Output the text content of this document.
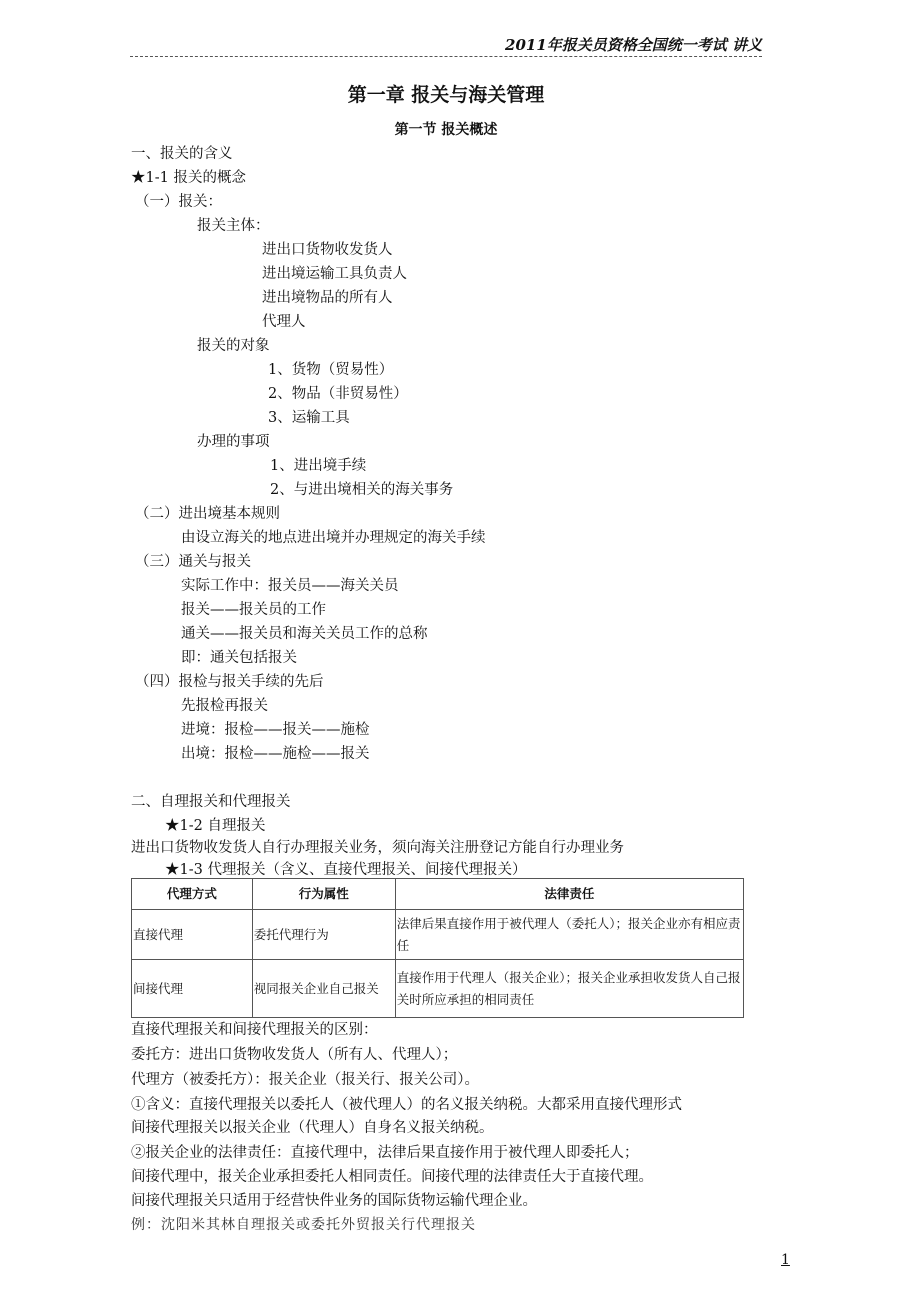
2011年报关员资格全国统一考试 讲义
第一章 报关与海关管理
第一节 报关概述
一、报关的含义
★1-1 报关的概念
（一）报关：
报关主体：
进出口货物收发货人
进出境运输工具负责人
进出境物品的所有人
代理人
报关的对象
1、货物（贸易性）
2、物品（非贸易性）
3、运输工具
办理的事项
1、进出境手续
2、与进出境相关的海关事务
（二）进出境基本规则
由设立海关的地点进出境并办理规定的海关手续
（三）通关与报关
实际工作中：报关员——海关关员
报关——报关员的工作
通关——报关员和海关关员工作的总称
即：通关包括报关
（四）报检与报关手续的先后
先报检再报关
进境：报检——报关——施检
出境：报检——施检——报关
二、自理报关和代理报关
★1-2 自理报关
进出口货物收发货人自行办理报关业务，须向海关注册登记方能自行办理业务
★1-3 代理报关（含义、直接代理报关、间接代理报关）
代理方式	行为属性	法律责任
直接代理	委托代理行为	法律后果直接作用于被代理人（委托人）；报关企业亦有相应责任
间接代理	视同报关企业自己报关	直接作用于代理人（报关企业）；报关企业承担收发货人自己报关时所应承担的相同责任
直接代理报关和间接代理报关的区别：
委托方：进出口货物收发货人（所有人、代理人）；
代理方（被委托方）：报关企业（报关行、报关公司）。
①含义：直接代理报关以委托人（被代理人）的名义报关纳税。大都采用直接代理形式
间接代理报关以报关企业（代理人）自身名义报关纳税。
②报关企业的法律责任：直接代理中，法律后果直接作用于被代理人即委托人；
间接代理中，报关企业承担委托人相同责任。间接代理的法律责任大于直接代理。
间接代理报关只适用于经营快件业务的国际货物运输代理企业。
例：沈阳米其林自理报关或委托外贸报关行代理报关
1
